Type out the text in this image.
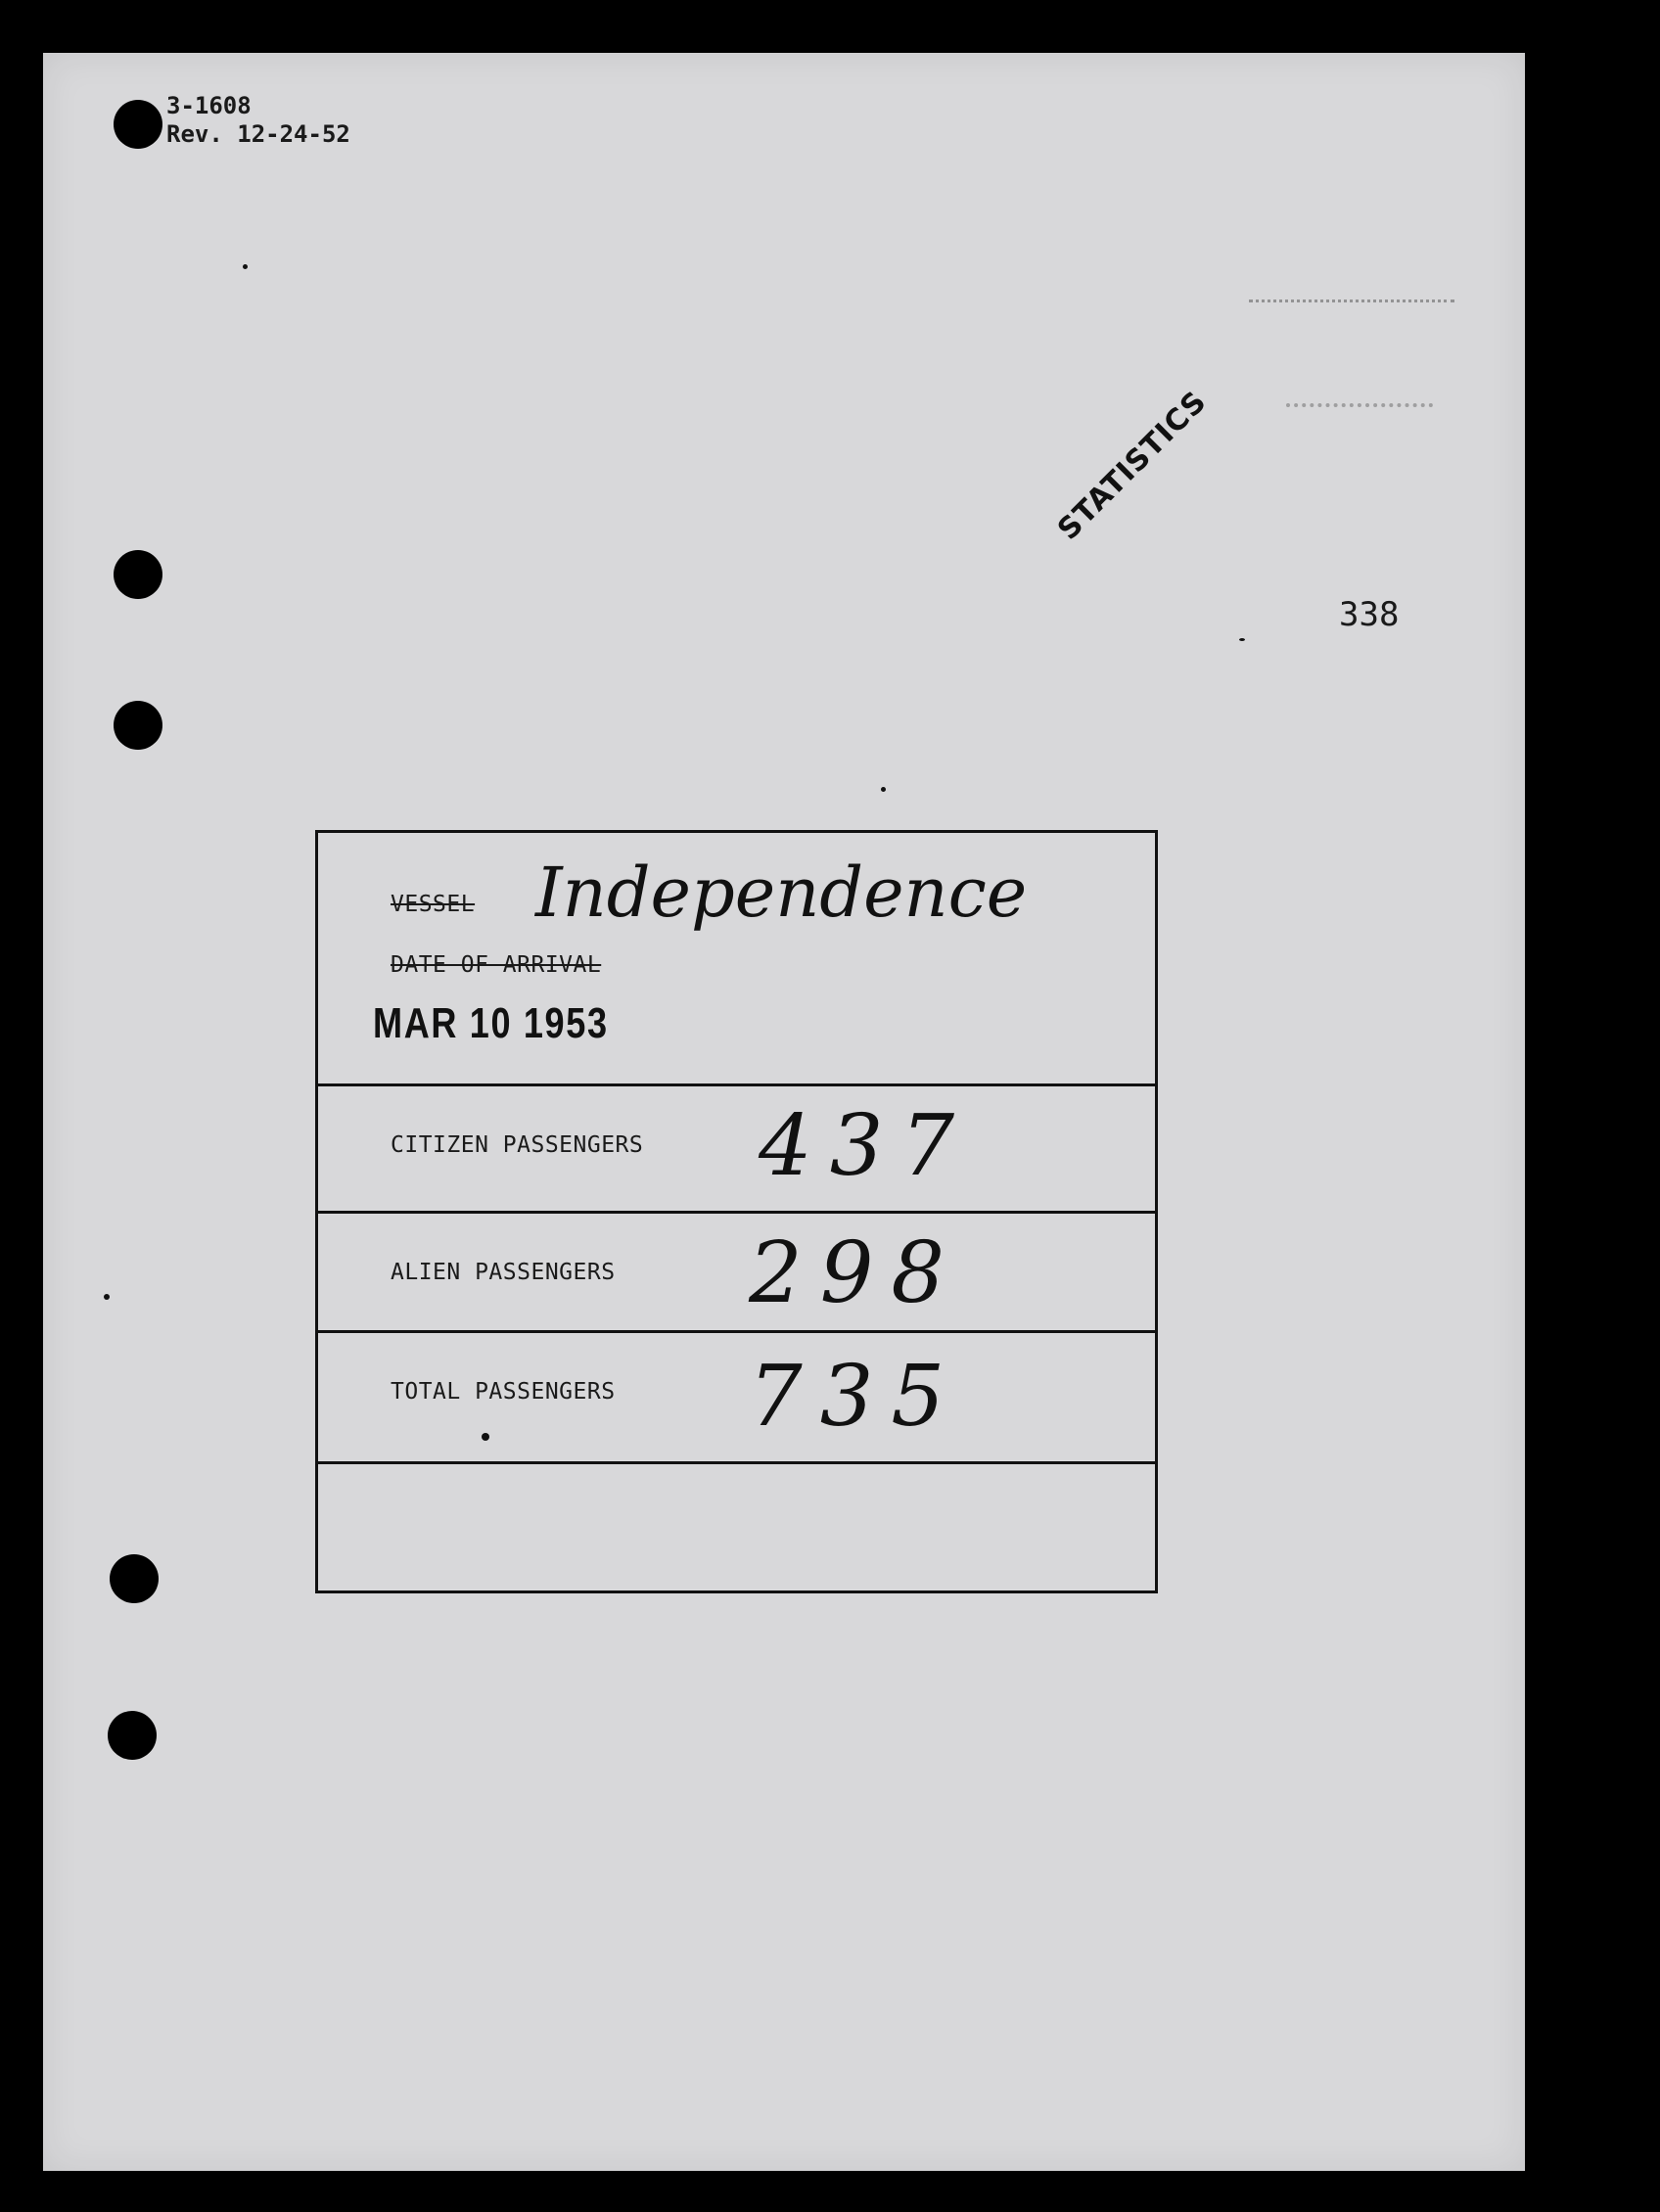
3-1608
Rev. 12-24-52
STATISTICS
338
VESSEL Independence
DATE OF ARRIVAL
MAR 10 1953
CITIZEN PASSENGERS 437
ALIEN PASSENGERS 298
TOTAL PASSENGERS 735
